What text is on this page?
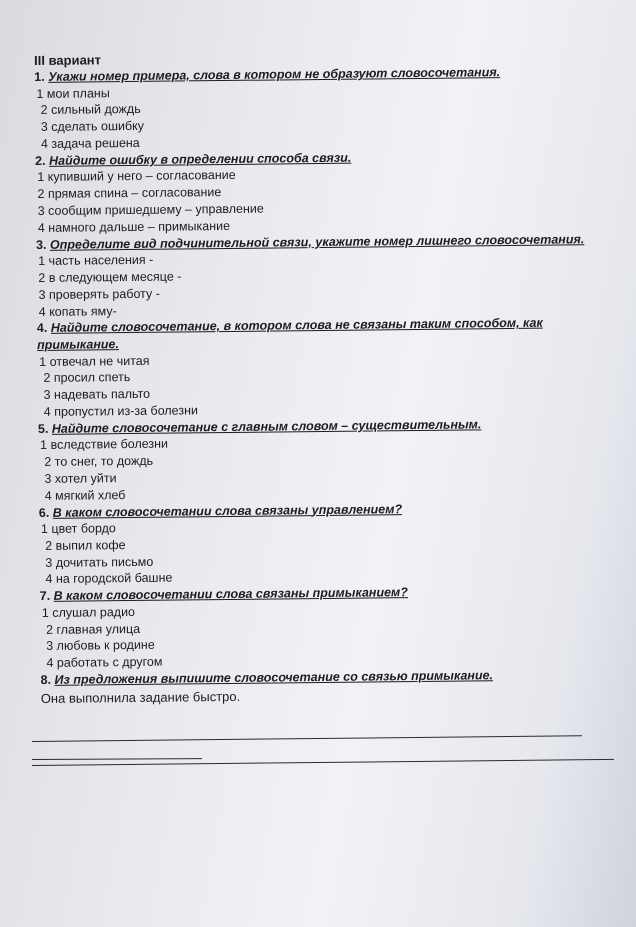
III вариант
1. Укажи номер примера, слова в котором не образуют словосочетания.
1 мои планы
2 сильный дождь
3 сделать ошибку
4 задача решена
2. Найдите ошибку в определении способа связи.
1 купивший у него – согласование
2 прямая спина – согласование
3 сообщим пришедшему – управление
4 намного дальше – примыкание
3. Определите вид подчинительной связи, укажите номер лишнего словосочетания.
1 часть населения -
2 в следующем месяце -
3 проверять работу -
4 копать яму-
4. Найдите словосочетание, в котором слова не связаны таким способом, как примыкание.
1 отвечал не читая
2 просил спеть
3 надевать пальто
4 пропустил из-за болезни
5. Найдите словосочетание с главным словом – существительным.
1 вследствие болезни
2 то снег, то дождь
3 хотел уйти
4 мягкий хлеб
6. В каком словосочетании слова связаны управлением?
1 цвет бордо
2 выпил кофе
3 дочитать письмо
4 на городской башне
7. В каком словосочетании слова связаны примыканием?
1 слушал радио
2 главная улица
3 любовь к родине
4 работать с другом
8. Из предложения выпишите словосочетание со связью примыкание.
Она выполнила задание быстро.
